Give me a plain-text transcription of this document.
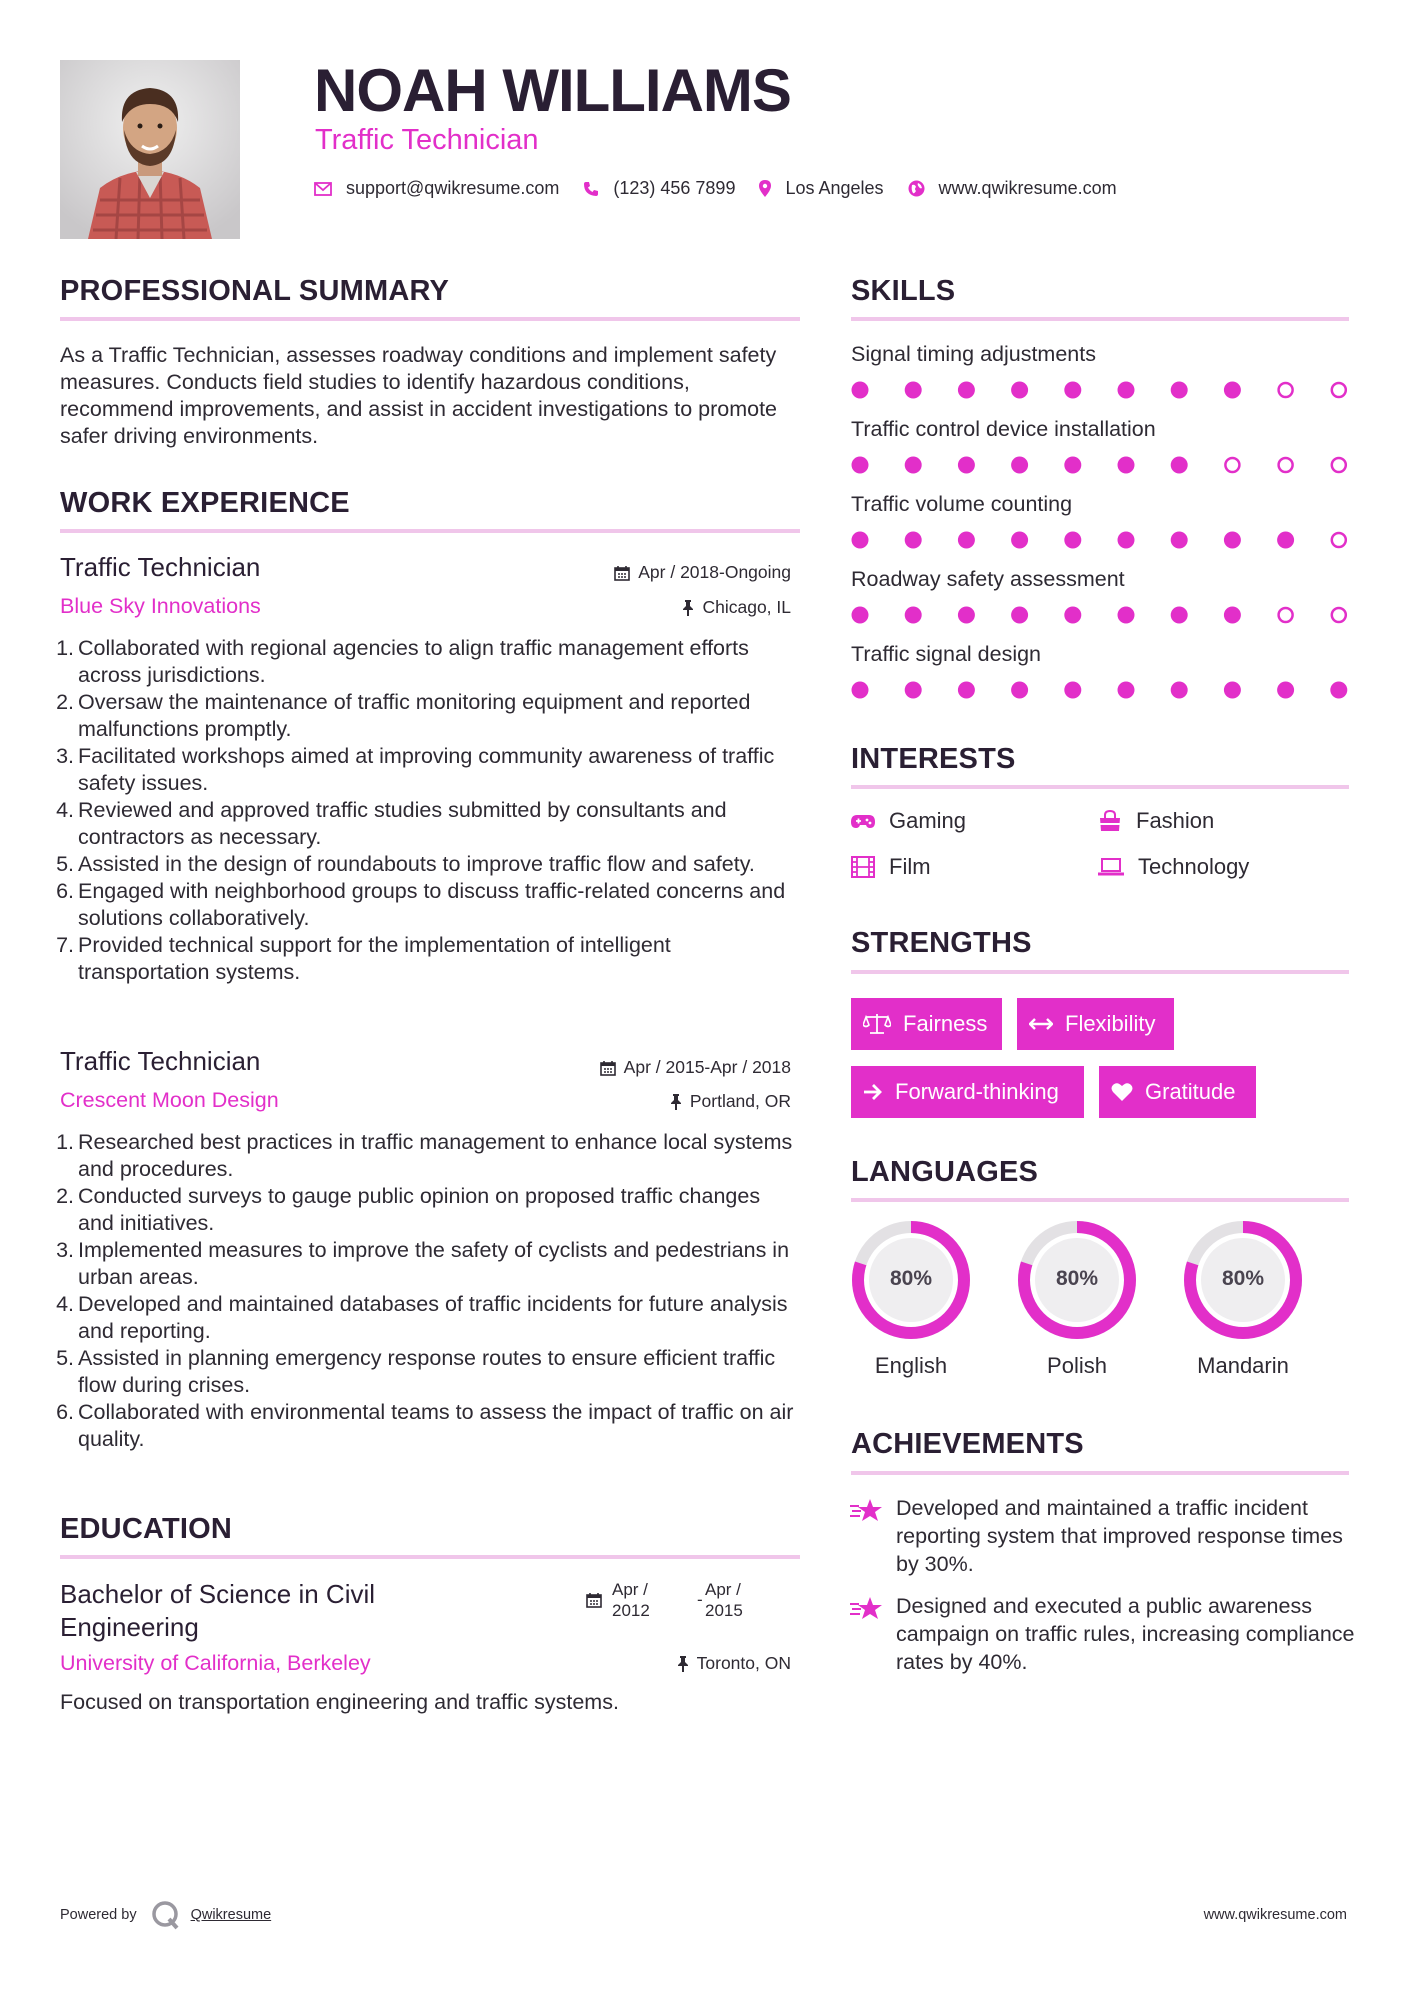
NOAH WILLIAMS
Traffic Technician
support@qwikresume.com	(123) 456 7899	Los Angeles	www.qwikresume.com
PROFESSIONAL SUMMARY
As a Traffic Technician, assesses roadway conditions and implement safety measures. Conducts field studies to identify hazardous conditions, recommend improvements, and assist in accident investigations to promote safer driving environments.
WORK EXPERIENCE
Traffic Technician
Blue Sky Innovations
Apr / 2018-Ongoing
Chicago, IL
1. Collaborated with regional agencies to align traffic management efforts across jurisdictions.
2. Oversaw the maintenance of traffic monitoring equipment and reported malfunctions promptly.
3. Facilitated workshops aimed at improving community awareness of traffic safety issues.
4. Reviewed and approved traffic studies submitted by consultants and contractors as necessary.
5. Assisted in the design of roundabouts to improve traffic flow and safety.
6. Engaged with neighborhood groups to discuss traffic-related concerns and solutions collaboratively.
7. Provided technical support for the implementation of intelligent transportation systems.
Traffic Technician
Crescent Moon Design
Apr / 2015-Apr / 2018
Portland, OR
1. Researched best practices in traffic management to enhance local systems and procedures.
2. Conducted surveys to gauge public opinion on proposed traffic changes and initiatives.
3. Implemented measures to improve the safety of cyclists and pedestrians in urban areas.
4. Developed and maintained databases of traffic incidents for future analysis and reporting.
5. Assisted in planning emergency response routes to ensure efficient traffic flow during crises.
6. Collaborated with environmental teams to assess the impact of traffic on air quality.
EDUCATION
Bachelor of Science in Civil Engineering
Apr /
2012
-
Apr /
2015
University of California, Berkeley	Toronto, ON
Focused on transportation engineering and traffic systems.
SKILLS
Signal timing adjustments
Traffic control device installation
Traffic volume counting
Roadway safety assessment
Traffic signal design
INTERESTS
Gaming	Fashion
Film	Technology
STRENGTHS
Fairness	Flexibility
Forward-thinking	Gratitude
LANGUAGES
80%
English
80%
Polish
80%
Mandarin
ACHIEVEMENTS
Developed and maintained a traffic incident reporting system that improved response times by 30%.
Designed and executed a public awareness campaign on traffic rules, increasing compliance rates by 40%.
Powered by	Qwikresume	www.qwikresume.com
